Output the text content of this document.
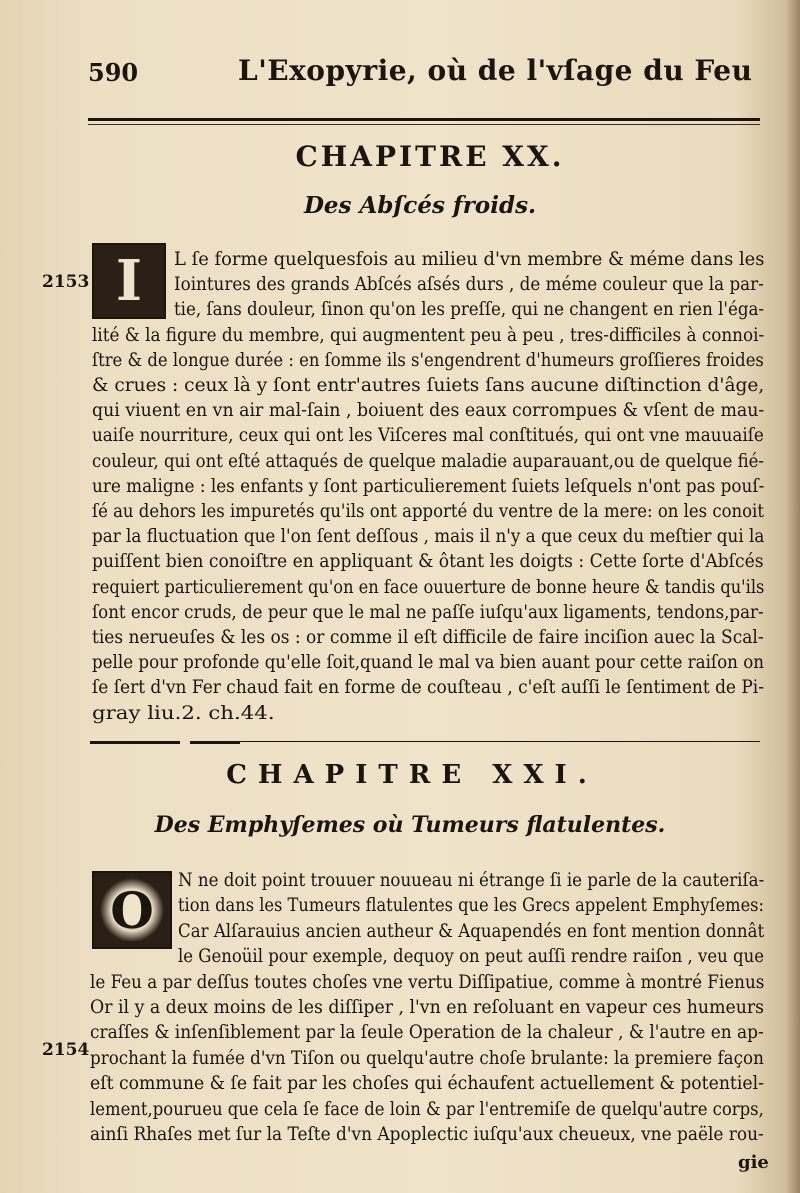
590	L'Exopyrie, où de l'vſage du Feu
CHAPITRE XX.
Des Abſcés froids.
2153 I	L ſe forme quelquesfois au milieu d'vn membre & méme dans les
Iointures des grands Abſcés aſsés durs , de méme couleur que la par-
tie, ſans douleur, ſinon qu'on les preſſe, qui ne changent en rien l'éga-
lité & la figure du membre, qui augmentent peu à peu , tres-difficiles à connoi-
ſtre & de longue durée : en ſomme ils s'engendrent d'humeurs groſſieres froides
& crues : ceux là y ſont entr'autres ſuiets ſans aucune diſtinction d'âge,
qui viuent en vn air mal-ſain , boiuent des eaux corrompues & vſent de mau-
uaiſe nourriture, ceux qui ont les Viſceres mal conſtitués, qui ont vne mauuaiſe
couleur, qui ont eſté attaqués de quelque maladie auparauant,ou de quelque fié-
ure maligne : les enfants y ſont particulierement ſuiets leſquels n'ont pas pouſ-
ſé au dehors les impuretés qu'ils ont apporté du ventre de la mere: on les conoit
par la fluctuation que l'on ſent deſſous , mais il n'y a que ceux du meſtier qui la
puiſſent bien conoiſtre en appliquant & ôtant les doigts : Cette ſorte d'Abſcés
requiert particulierement qu'on en face ouuerture de bonne heure & tandis qu'ils
ſont encor cruds, de peur que le mal ne paſſe iuſqu'aux ligaments, tendons,par-
ties nerueuſes & les os : or comme il eſt difficile de faire inciſion auec la Scal-
pelle pour profonde qu'elle ſoit,quand le mal va bien auant pour cette raiſon on
ſe ſert d'vn Fer chaud fait en forme de couſteau , c'eſt auſſi le ſentiment de Pi-
gray liu.2. ch.44.
CHAPITRE XXI.
Des Emphyſemes où Tumeurs flatulentes.
O
2154
N ne doit point trouuer nouueau ni étrange ſi ie parle de la cauteriſa-
tion dans les Tumeurs flatulentes que les Grecs appelent Emphyſemes:
Car Alſarauius ancien autheur & Aquapendés en font mention donnât
le Genoüil pour exemple, dequoy on peut auſſi rendre raiſon , veu que
le Feu a par deſſus toutes choſes vne vertu Diſſipatiue, comme à montré Fienus
Or il y a deux moins de les diſſiper , l'vn en reſoluant en vapeur ces humeurs
craſſes & inſenſiblement par la ſeule Operation de la chaleur , & l'autre en ap-
prochant la fumée d'vn Tiſon ou quelqu'autre choſe brulante: la premiere façon
eſt commune & ſe fait par les choſes qui échaufent actuellement & potentiel-
lement,pourueu que cela ſe face de loin & par l'entremiſe de quelqu'autre corps,
ainſi Rhaſes met ſur la Teſte d'vn Apoplectic iuſqu'aux cheueux, vne paële rou-
gie
